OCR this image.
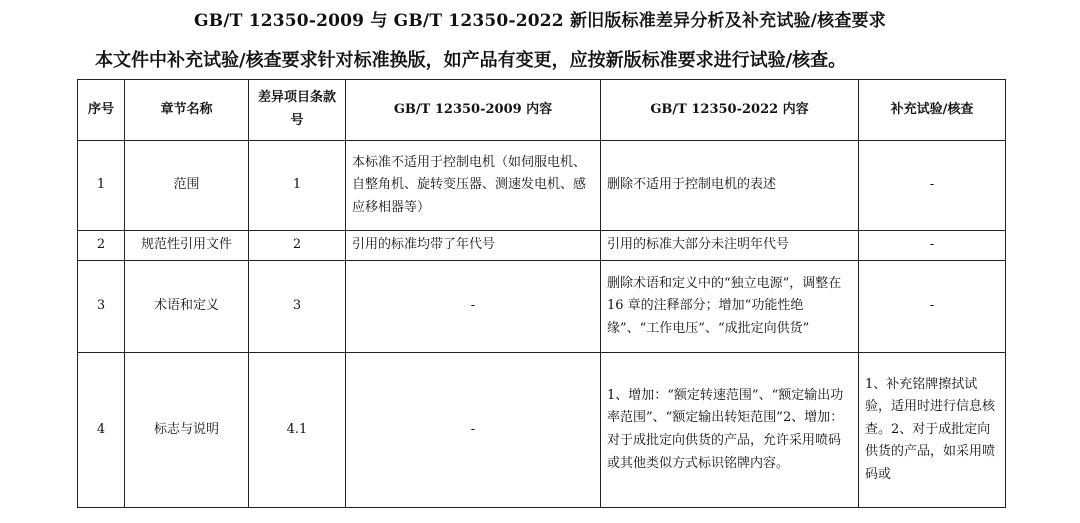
GB/T 12350-2009 与 GB/T 12350-2022 新旧版标准差异分析及补充试验/核查要求
本文件中补充试验/核查要求针对标准换版，如产品有变更，应按新版标准要求进行试验/核查。
序号	章节名称	差异项目条款号	GB/T 12350-2009 内容	GB/T 12350-2022 内容	补充试验/核查
1	范围	1	本标准不适用于控制电机（如伺服电机、自整角机、旋转变压器、测速发电机、感应移相器等）	删除不适用于控制电机的表述	-
2	规范性引用文件	2	引用的标准均带了年代号	引用的标准大部分未注明年代号	-
3	术语和定义	3	-	删除术语和定义中的“独立电源”，调整在 16 章的注释部分；增加“功能性绝缘”、“工作电压”、“成批定向供货”	-
4	标志与说明	4.1	-	1、增加：“额定转速范围”、“额定输出功率范围”、“额定输出转矩范围”2、增加：对于成批定向供货的产品，允许采用喷码或其他类似方式标识铭牌内容。	1、补充铭牌擦拭试验，适用时进行信息核查。2、对于成批定向供货的产品，如采用喷码或
